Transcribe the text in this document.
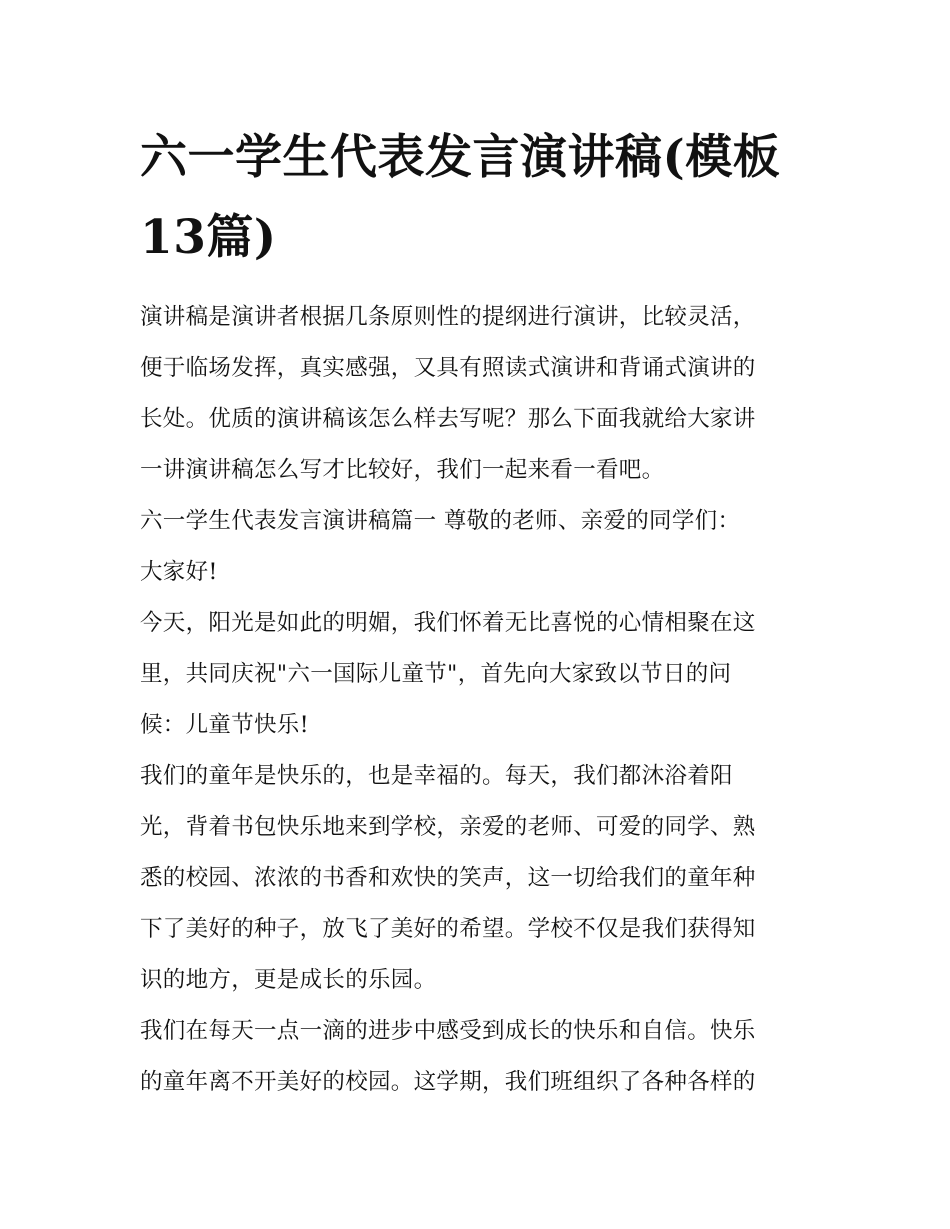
六一学生代表发言演讲稿(模板
13篇)

演讲稿是演讲者根据几条原则性的提纲进行演讲，比较灵活，
便于临场发挥，真实感强，又具有照读式演讲和背诵式演讲的
长处。优质的演讲稿该怎么样去写呢？那么下面我就给大家讲
一讲演讲稿怎么写才比较好，我们一起来看一看吧。

六一学生代表发言演讲稿篇一 尊敬的老师、亲爱的同学们：

大家好!

今天，阳光是如此的明媚，我们怀着无比喜悦的心情相聚在这
里，共同庆祝"六一国际儿童节"，首先向大家致以节日的问
候：儿童节快乐!

我们的童年是快乐的，也是幸福的。每天，我们都沐浴着阳
光，背着书包快乐地来到学校，亲爱的老师、可爱的同学、熟
悉的校园、浓浓的书香和欢快的笑声，这一切给我们的童年种
下了美好的种子，放飞了美好的希望。学校不仅是我们获得知
识的地方，更是成长的乐园。

我们在每天一点一滴的进步中感受到成长的快乐和自信。快乐
的童年离不开美好的校园。这学期，我们班组织了各种各样的
